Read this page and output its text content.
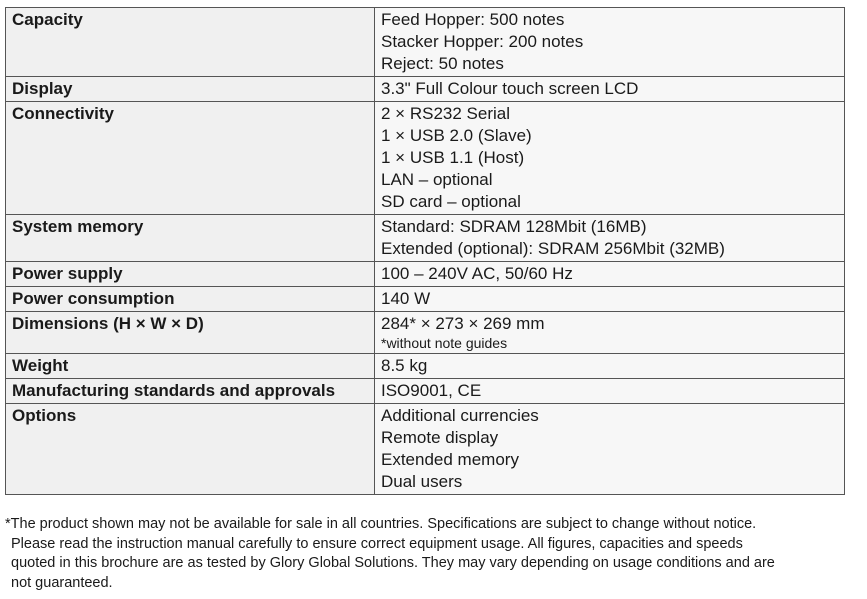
Capacity	Feed Hopper: 500 notes
Stacker Hopper: 200 notes
Reject: 50 notes

Display	3.3" Full Colour touch screen LCD

Connectivity	2 × RS232 Serial
1 × USB 2.0 (Slave)
1 × USB 1.1 (Host)
LAN – optional
SD card – optional

System memory	Standard: SDRAM 128Mbit (16MB)
Extended (optional): SDRAM 256Mbit (32MB)

Power supply	100 – 240V AC, 50/60 Hz

Power consumption	140 W

Dimensions (H × W × D)	284* × 273 × 269 mm
*without note guides

Weight	8.5 kg

Manufacturing standards and approvals	ISO9001, CE

Options	Additional currencies
Remote display
Extended memory
Dual users
*The product shown may not be available for sale in all countries. Specifications are subject to change without notice.
Please read the instruction manual carefully to ensure correct equipment usage. All figures, capacities and speeds
quoted in this brochure are as tested by Glory Global Solutions. They may vary depending on usage conditions and are
not guaranteed.
